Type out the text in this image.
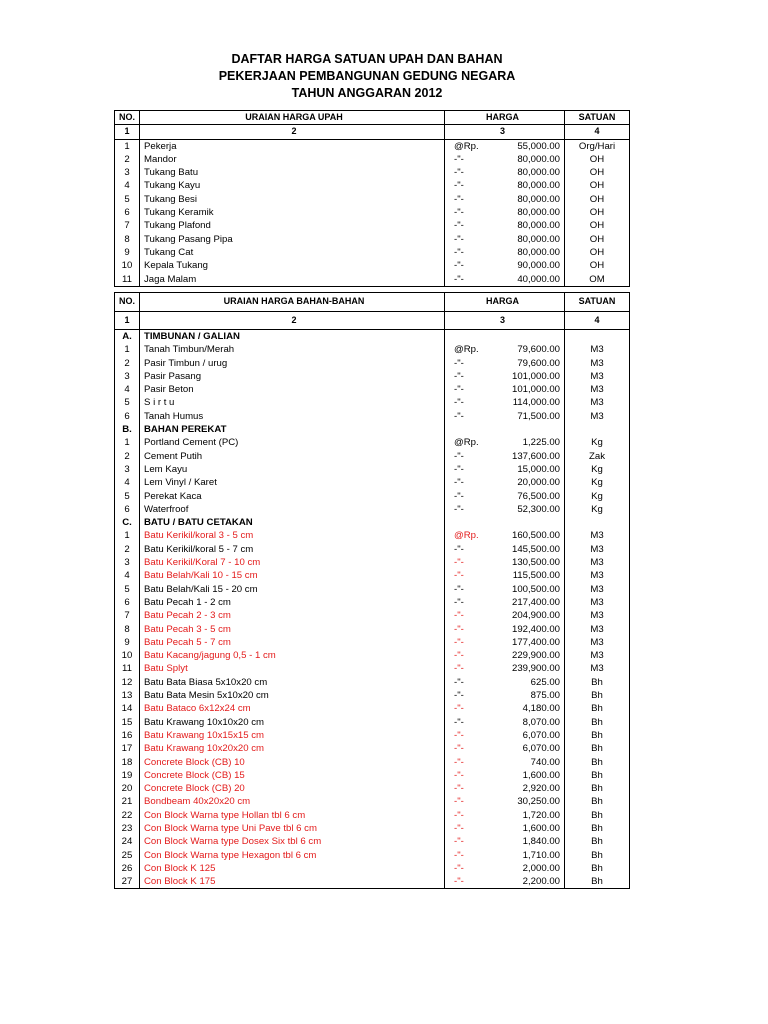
DAFTAR HARGA SATUAN UPAH DAN BAHAN
PEKERJAAN PEMBANGUNAN GEDUNG NEGARA
TAHUN ANGGARAN 2012
NO.	URAIAN HARGA UPAH	HARGA		SATUAN
1	2	3		4
1	Pekerja	@Rp.	55,000.00	Org/Hari
2	Mandor	-"-	80,000.00	OH
3	Tukang Batu	-"-	80,000.00	OH
4	Tukang Kayu	-"-	80,000.00	OH
5	Tukang Besi	-"-	80,000.00	OH
6	Tukang Keramik	-"-	80,000.00	OH
7	Tukang Plafond	-"-	80,000.00	OH
8	Tukang Pasang Pipa	-"-	80,000.00	OH
9	Tukang Cat	-"-	80,000.00	OH
10	Kepala Tukang	-"-	90,000.00	OH
11	Jaga Malam	-"-	40,000.00	OM
NO.	URAIAN HARGA BAHAN-BAHAN	HARGA		SATUAN
1	2	3		4
A.	TIMBUNAN / GALIAN			
1	Tanah Timbun/Merah	@Rp.	79,600.00	M3
2	Pasir Timbun / urug	-"-	79,600.00	M3
3	Pasir Pasang	-"-	101,000.00	M3
4	Pasir Beton	-"-	101,000.00	M3
5	S i r t u	-"-	114,000.00	M3
6	Tanah Humus	-"-	71,500.00	M3
B.	BAHAN PEREKAT			
1	Portland Cement (PC)	@Rp.	1,225.00	Kg
2	Cement Putih	-"-	137,600.00	Zak
3	Lem Kayu	-"-	15,000.00	Kg
4	Lem Vinyl / Karet	-"-	20,000.00	Kg
5	Perekat Kaca	-"-	76,500.00	Kg
6	Waterfroof	-"-	52,300.00	Kg
C.	BATU / BATU CETAKAN			
1	Batu Kerikil/koral 3 - 5 cm	@Rp.	160,500.00	M3
2	Batu Kerikil/koral 5 - 7 cm	-"-	145,500.00	M3
3	Batu Kerikil/Koral 7 - 10 cm	-"-	130,500.00	M3
4	Batu Belah/Kali 10 - 15 cm	-"-	115,500.00	M3
5	Batu Belah/Kali 15 - 20 cm	-"-	100,500.00	M3
6	Batu Pecah 1 - 2 cm	-"-	217,400.00	M3
7	Batu Pecah 2 - 3 cm	-"-	204,900.00	M3
8	Batu Pecah 3 - 5 cm	-"-	192,400.00	M3
9	Batu Pecah 5 - 7 cm	-"-	177,400.00	M3
10	Batu Kacang/jagung 0,5 - 1 cm	-"-	229,900.00	M3
11	Batu Splyt	-"-	239,900.00	M3
12	Batu Bata Biasa 5x10x20 cm	-"-	625.00	Bh
13	Batu Bata Mesin 5x10x20 cm	-"-	875.00	Bh
14	Batu Bataco 6x12x24 cm	-"-	4,180.00	Bh
15	Batu Krawang 10x10x20 cm	-"-	8,070.00	Bh
16	Batu Krawang 10x15x15 cm	-"-	6,070.00	Bh
17	Batu Krawang 10x20x20 cm	-"-	6,070.00	Bh
18	Concrete Block (CB) 10	-"-	740.00	Bh
19	Concrete Block (CB) 15	-"-	1,600.00	Bh
20	Concrete Block (CB) 20	-"-	2,920.00	Bh
21	Bondbeam 40x20x20 cm	-"-	30,250.00	Bh
22	Con Block Warna type Hollan tbl 6 cm	-"-	1,720.00	Bh
23	Con Block Warna type Uni Pave tbl 6 cm	-"-	1,600.00	Bh
24	Con Block Warna type Dosex Six tbl 6 cm	-"-	1,840.00	Bh
25	Con Block Warna type Hexagon tbl 6 cm	-"-	1,710.00	Bh
26	Con Block K 125	-"-	2,000.00	Bh
27	Con Block K 175	-"-	2,200.00	Bh
